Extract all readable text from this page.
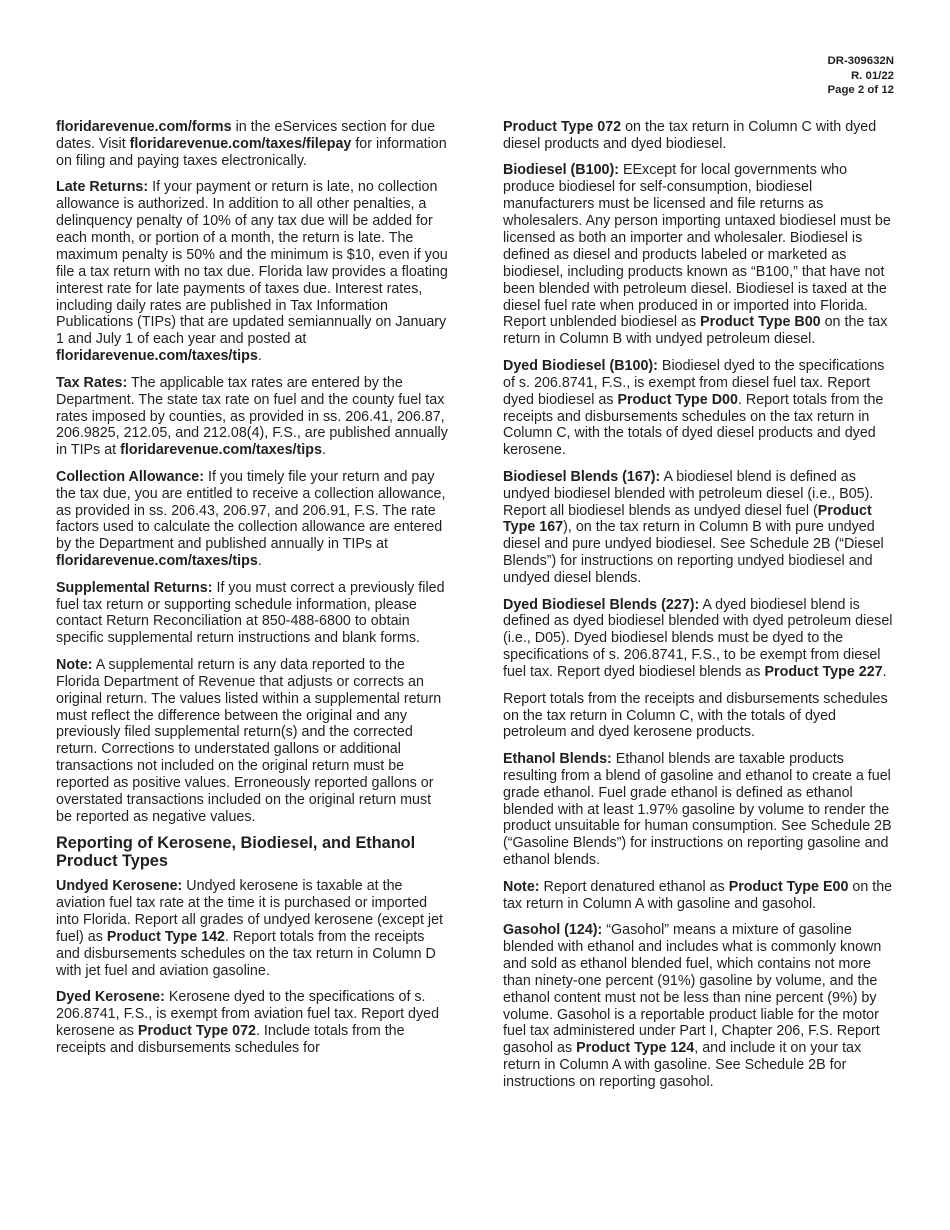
DR-309632N
R. 01/22
Page 2 of 12

floridarevenue.com/forms in the eServices section for due dates. Visit floridarevenue.com/taxes/filepay for information on filing and paying taxes electronically.

Late Returns: If your payment or return is late, no collection allowance is authorized. In addition to all other penalties, a delinquency penalty of 10% of any tax due will be added for each month, or portion of a month, the return is late. The maximum penalty is 50% and the minimum is $10, even if you file a tax return with no tax due. Florida law provides a floating interest rate for late payments of taxes due. Interest rates, including daily rates are published in Tax Information Publications (TIPs) that are updated semiannually on January 1 and July 1 of each year and posted at floridarevenue.com/taxes/tips.

Tax Rates: The applicable tax rates are entered by the Department. The state tax rate on fuel and the county fuel tax rates imposed by counties, as provided in ss. 206.41, 206.87, 206.9825, 212.05, and 212.08(4), F.S., are published annually in TIPs at floridarevenue.com/taxes/tips.

Collection Allowance: If you timely file your return and pay the tax due, you are entitled to receive a collection allowance, as provided in ss. 206.43, 206.97, and 206.91, F.S. The rate factors used to calculate the collection allowance are entered by the Department and published annually in TIPs at floridarevenue.com/taxes/tips.

Supplemental Returns: If you must correct a previously filed fuel tax return or supporting schedule information, please contact Return Reconciliation at 850-488-6800 to obtain specific supplemental return instructions and blank forms.

Note: A supplemental return is any data reported to the Florida Department of Revenue that adjusts or corrects an original return. The values listed within a supplemental return must reflect the difference between the original and any previously filed supplemental return(s) and the corrected return. Corrections to understated gallons or additional transactions not included on the original return must be reported as positive values. Erroneously reported gallons or overstated transactions included on the original return must be reported as negative values.

Reporting of Kerosene, Biodiesel, and Ethanol Product Types

Undyed Kerosene: Undyed kerosene is taxable at the aviation fuel tax rate at the time it is purchased or imported into Florida. Report all grades of undyed kerosene (except jet fuel) as Product Type 142. Report totals from the receipts and disbursements schedules on the tax return in Column D with jet fuel and aviation gasoline.

Dyed Kerosene: Kerosene dyed to the specifications of s. 206.8741, F.S., is exempt from aviation fuel tax. Report dyed kerosene as Product Type 072. Include totals from the receipts and disbursements schedules for

Product Type 072 on the tax return in Column C with dyed diesel products and dyed biodiesel.

Biodiesel (B100): EExcept for local governments who produce biodiesel for self-consumption, biodiesel manufacturers must be licensed and file returns as wholesalers. Any person importing untaxed biodiesel must be licensed as both an importer and wholesaler. Biodiesel is defined as diesel and products labeled or marketed as biodiesel, including products known as “B100,” that have not been blended with petroleum diesel. Biodiesel is taxed at the diesel fuel rate when produced in or imported into Florida. Report unblended biodiesel as Product Type B00 on the tax return in Column B with undyed petroleum diesel.

Dyed Biodiesel (B100): Biodiesel dyed to the specifications of s. 206.8741, F.S., is exempt from diesel fuel tax. Report dyed biodiesel as Product Type D00. Report totals from the receipts and disbursements schedules on the tax return in Column C, with the totals of dyed diesel products and dyed kerosene.

Biodiesel Blends (167): A biodiesel blend is defined as undyed biodiesel blended with petroleum diesel (i.e., B05). Report all biodiesel blends as undyed diesel fuel (Product Type 167), on the tax return in Column B with pure undyed diesel and pure undyed biodiesel. See Schedule 2B (“Diesel Blends”) for instructions on reporting undyed biodiesel and undyed diesel blends.

Dyed Biodiesel Blends (227): A dyed biodiesel blend is defined as dyed biodiesel blended with dyed petroleum diesel (i.e., D05). Dyed biodiesel blends must be dyed to the specifications of s. 206.8741, F.S., to be exempt from diesel fuel tax. Report dyed biodiesel blends as Product Type 227.

Report totals from the receipts and disbursements schedules on the tax return in Column C, with the totals of dyed petroleum and dyed kerosene products.

Ethanol Blends: Ethanol blends are taxable products resulting from a blend of gasoline and ethanol to create a fuel grade ethanol. Fuel grade ethanol is defined as ethanol blended with at least 1.97% gasoline by volume to render the product unsuitable for human consumption. See Schedule 2B (“Gasoline Blends”) for instructions on reporting gasoline and ethanol blends.

Note: Report denatured ethanol as Product Type E00 on the tax return in Column A with gasoline and gasohol.

Gasohol (124): “Gasohol” means a mixture of gasoline blended with ethanol and includes what is commonly known and sold as ethanol blended fuel, which contains not more than ninety-one percent (91%) gasoline by volume, and the ethanol content must not be less than nine percent (9%) by volume. Gasohol is a reportable product liable for the motor fuel tax administered under Part I, Chapter 206, F.S. Report gasohol as Product Type 124, and include it on your tax return in Column A with gasoline. See Schedule 2B for instructions on reporting gasohol.
